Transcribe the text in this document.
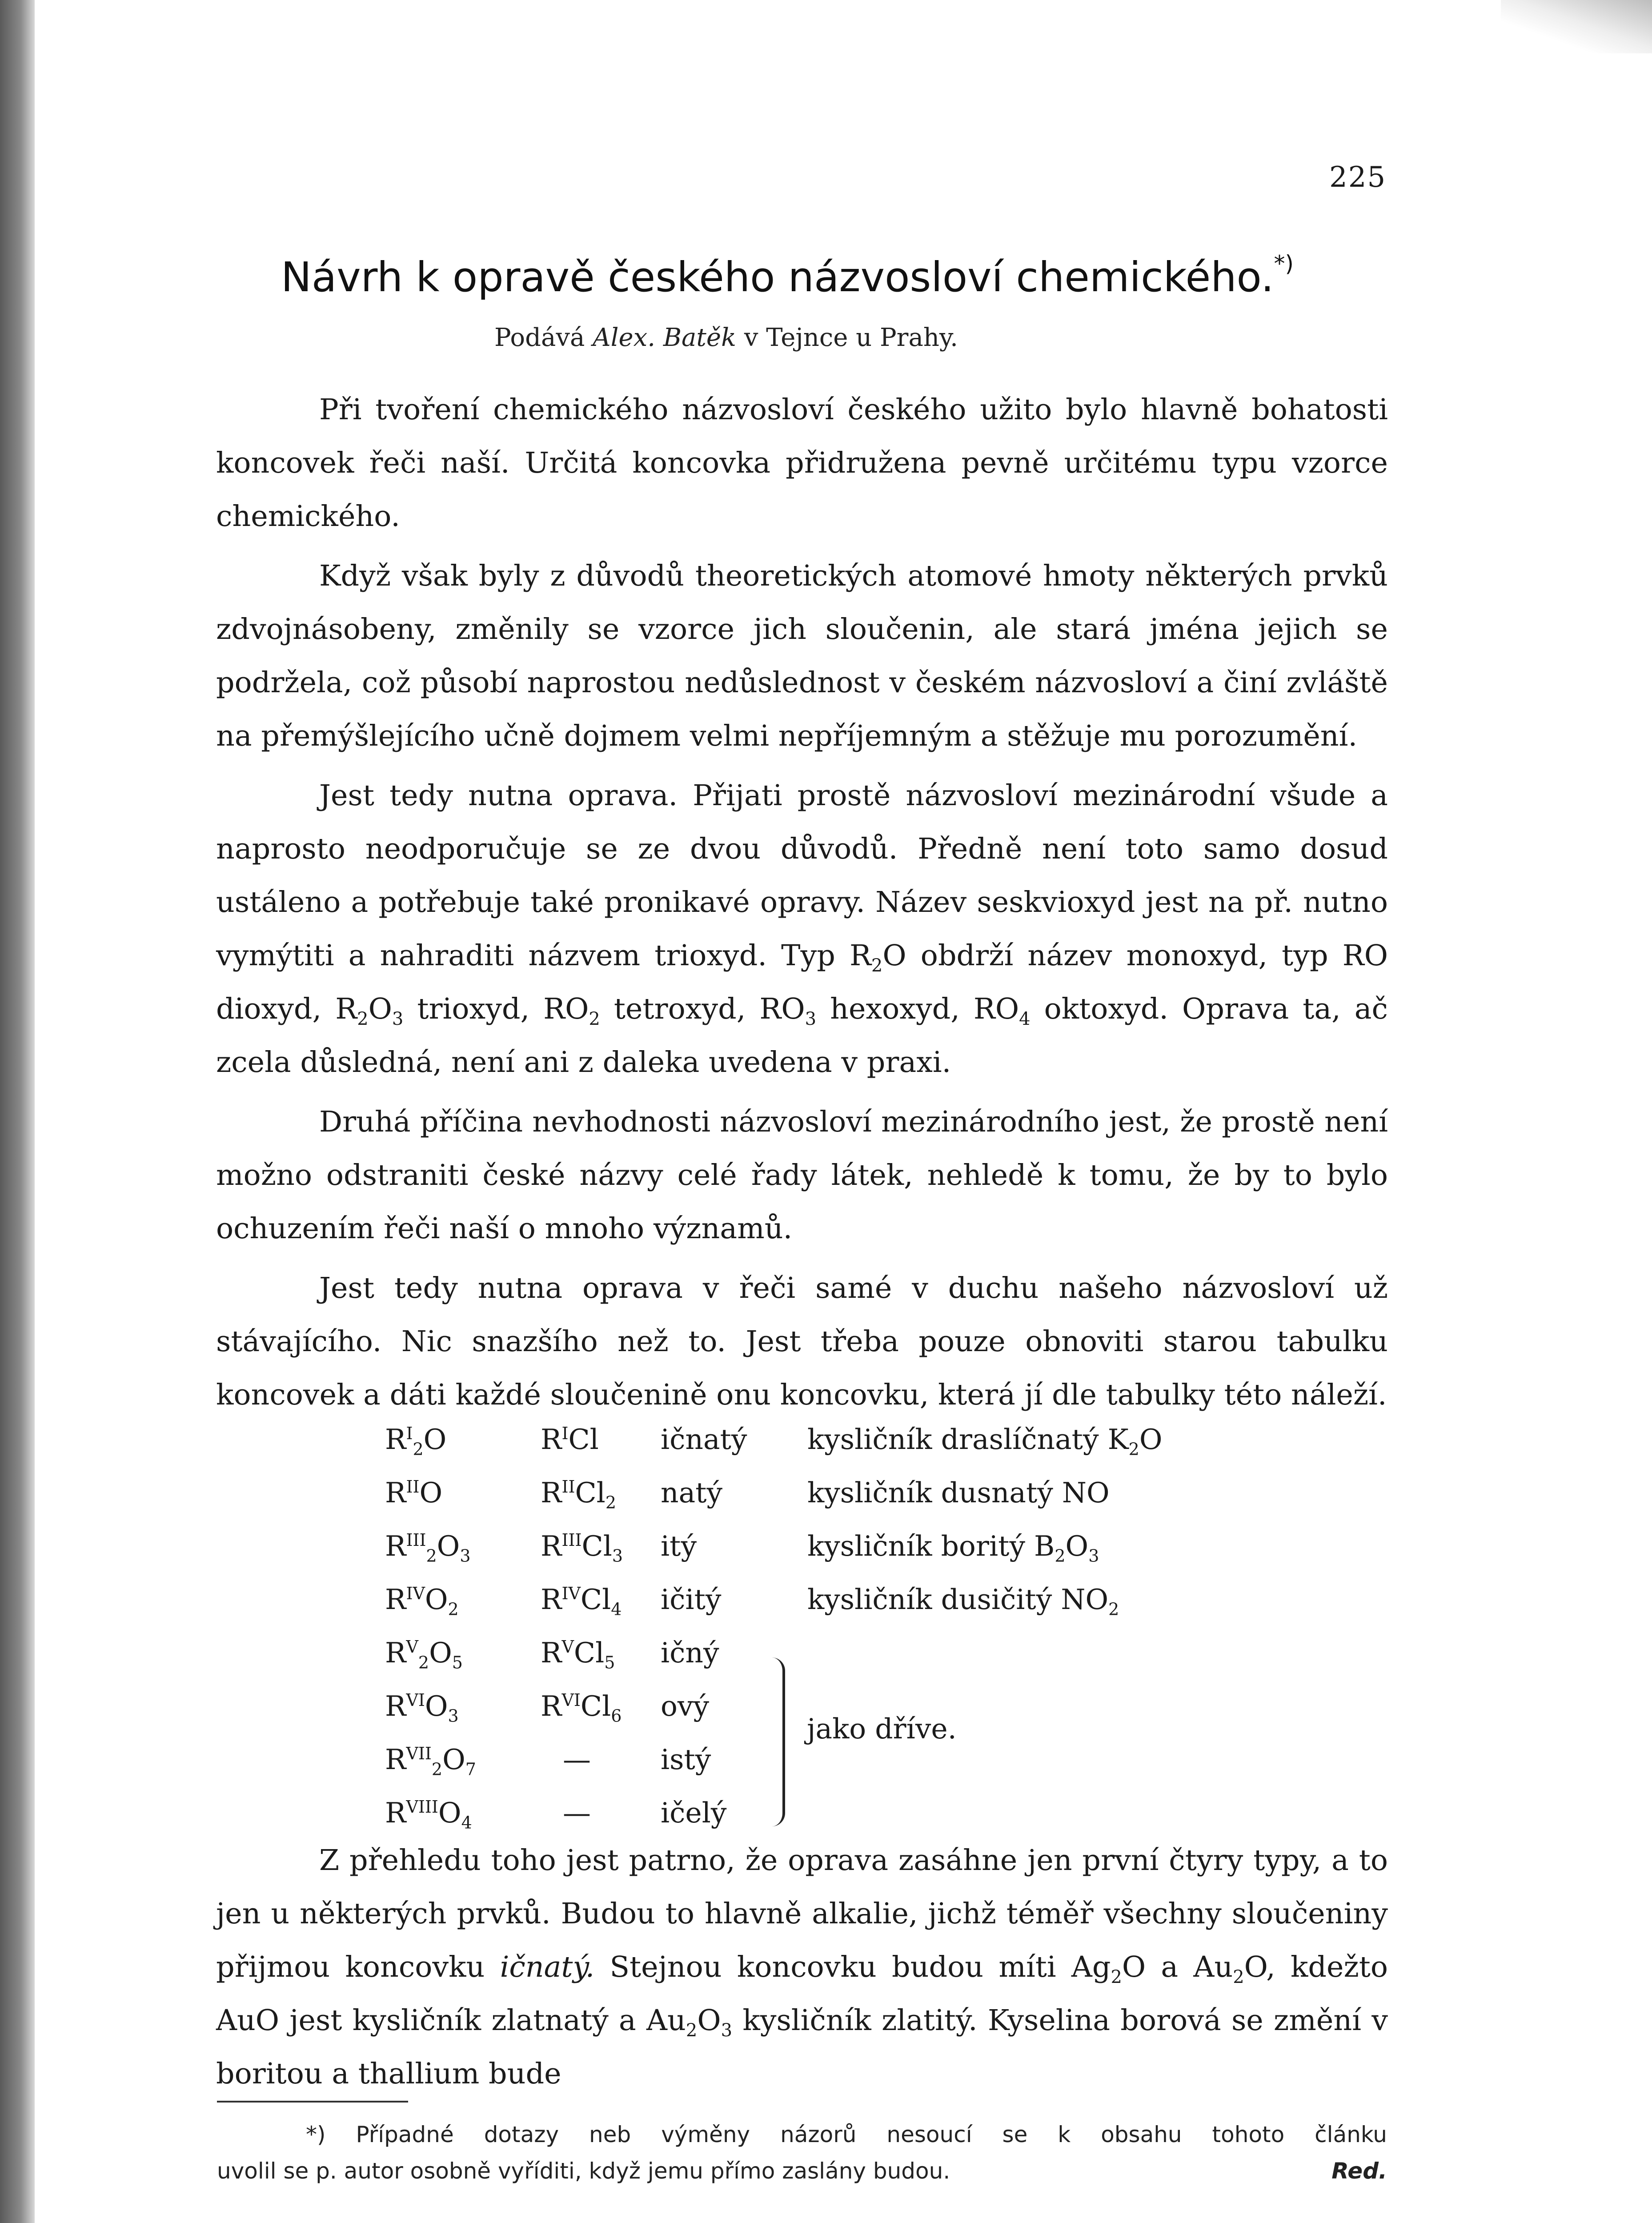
225
Návrh k opravě českého názvosloví chemického.*)
Podává Alex. Batěk v Tejnce u Prahy.

Při tvoření chemického názvosloví českého užito bylo hlavně bohatosti koncovek řeči naší. Určitá koncovka přidružena pevně určitému typu vzorce chemického.

Když však byly z důvodů theoretických atomové hmoty některých prvků zdvojnásobeny, změnily se vzorce jich sloučenin, ale stará jména jejich se podržela, což působí naprostou nedůslednost v českém názvosloví a činí zvláště na přemýšlejícího učně dojmem velmi nepříjemným a stěžuje mu porozumění.

Jest tedy nutna oprava. Přijati prostě názvosloví mezinárodní všude a naprosto neodporučuje se ze dvou důvodů. Předně není toto samo dosud ustáleno a potřebuje také pronikavé opravy. Název seskvioxyd jest na př. nutno vymýtiti a nahraditi názvem trioxyd. Typ $R_2O$ obdrží název monoxyd, typ RO dioxyd, $R_2O_3$ trioxyd, $RO_2$ tetroxyd, $RO_3$ hexoxyd, $RO_4$ oktoxyd. Oprava ta, ač zcela důsledná, není ani z daleka uvedena v praxi.

Druhá příčina nevhodnosti názvosloví mezinárodního jest, že prostě není možno odstraniti české názvy celé řady látek, nehledě k tomu, že by to bylo ochuzením řeči naší o mnoho významů.

Jest tedy nutna oprava v řeči samé v duchu našeho názvosloví už stávajícího. Nic snazšího než to. Jest třeba pouze obnoviti starou tabulku koncovek a dáti každé sloučenině onu koncovku, která jí dle tabulky této náleží.

$R^I_2O$	$R^ICl$ ičnatý kysličník draslíčnatý $K_2O$
$R^{II}O$	$R^{II}Cl_2$ natý	kysličník dusnatý NO
$R^{III}_2O_3$ $R^{III}Cl_3$ itý	kysličník boritý $B_2O_3$
$R^{IV}O_2$	$R^{IV}Cl_4$ ičitý	kysličník dusičitý $NO_2$
$R^V_2O_5$	$R^VCl_5$ ičný
$R^{VI}O_3$	$R^{VI}Cl_6$ ový
$R^{VII}_2O_7$	— istý
$R^{VIII}O_4$	— ičelý
jako dříve.

Z přehledu toho jest patrno, že oprava zasáhne jen první čtyry typy, a to jen u některých prvků. Budou to hlavně alkalie, jichž téměř všechny sloučeniny přijmou koncovku ičnatý. Stejnou koncovku budou míti $Ag_2O$ a $Au_2O$, kdežto AuO jest kysličník zlatnatý a $Au_2O_3$ kysličník zlatitý. Kyselina borová se změní v boritou a thallium bude

*) Případné dotazy neb výměny názorů nesoucí se k obsahu tohoto článku

uvolil se p. autor osobně vyříditi, když jemu přímo zaslány budou.	Red.
